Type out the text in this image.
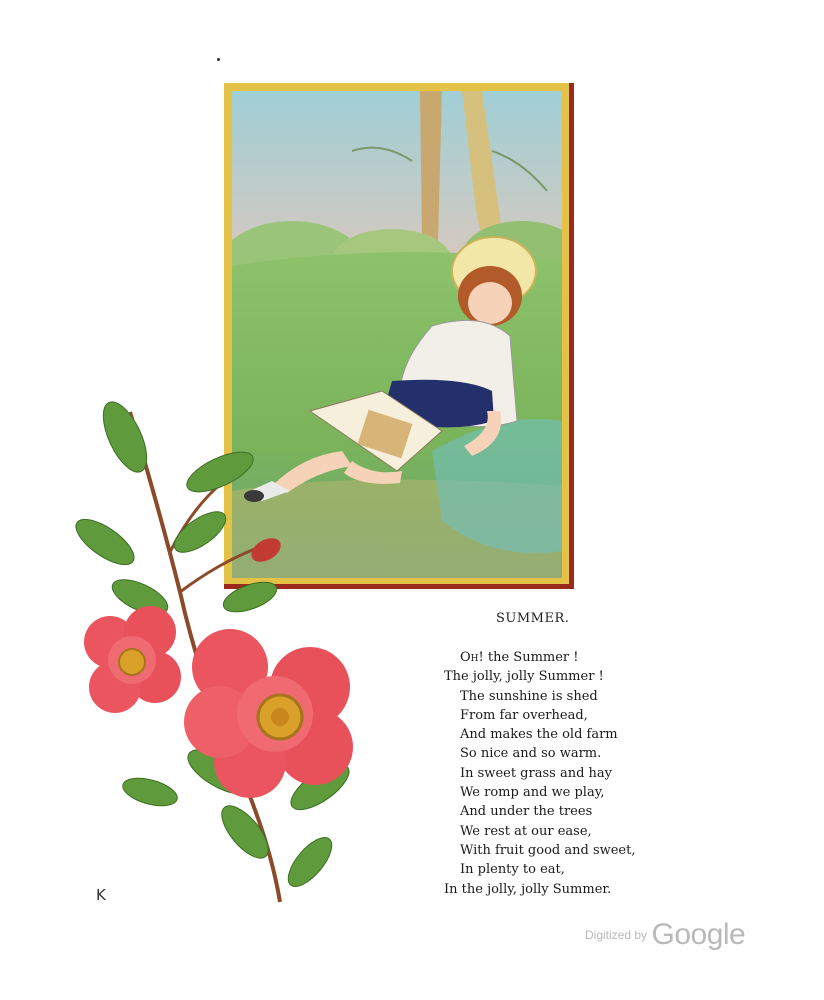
SUMMER.
Oh! the Summer !
The jolly, jolly Summer !
The sunshine is shed
From far overhead,
And makes the old farm
So nice and so warm.
In sweet grass and hay
We romp and we play,
And under the trees
We rest at our ease,
With fruit good and sweet,
In plenty to eat,
In the jolly, jolly Summer.
K
Digitized by Google
